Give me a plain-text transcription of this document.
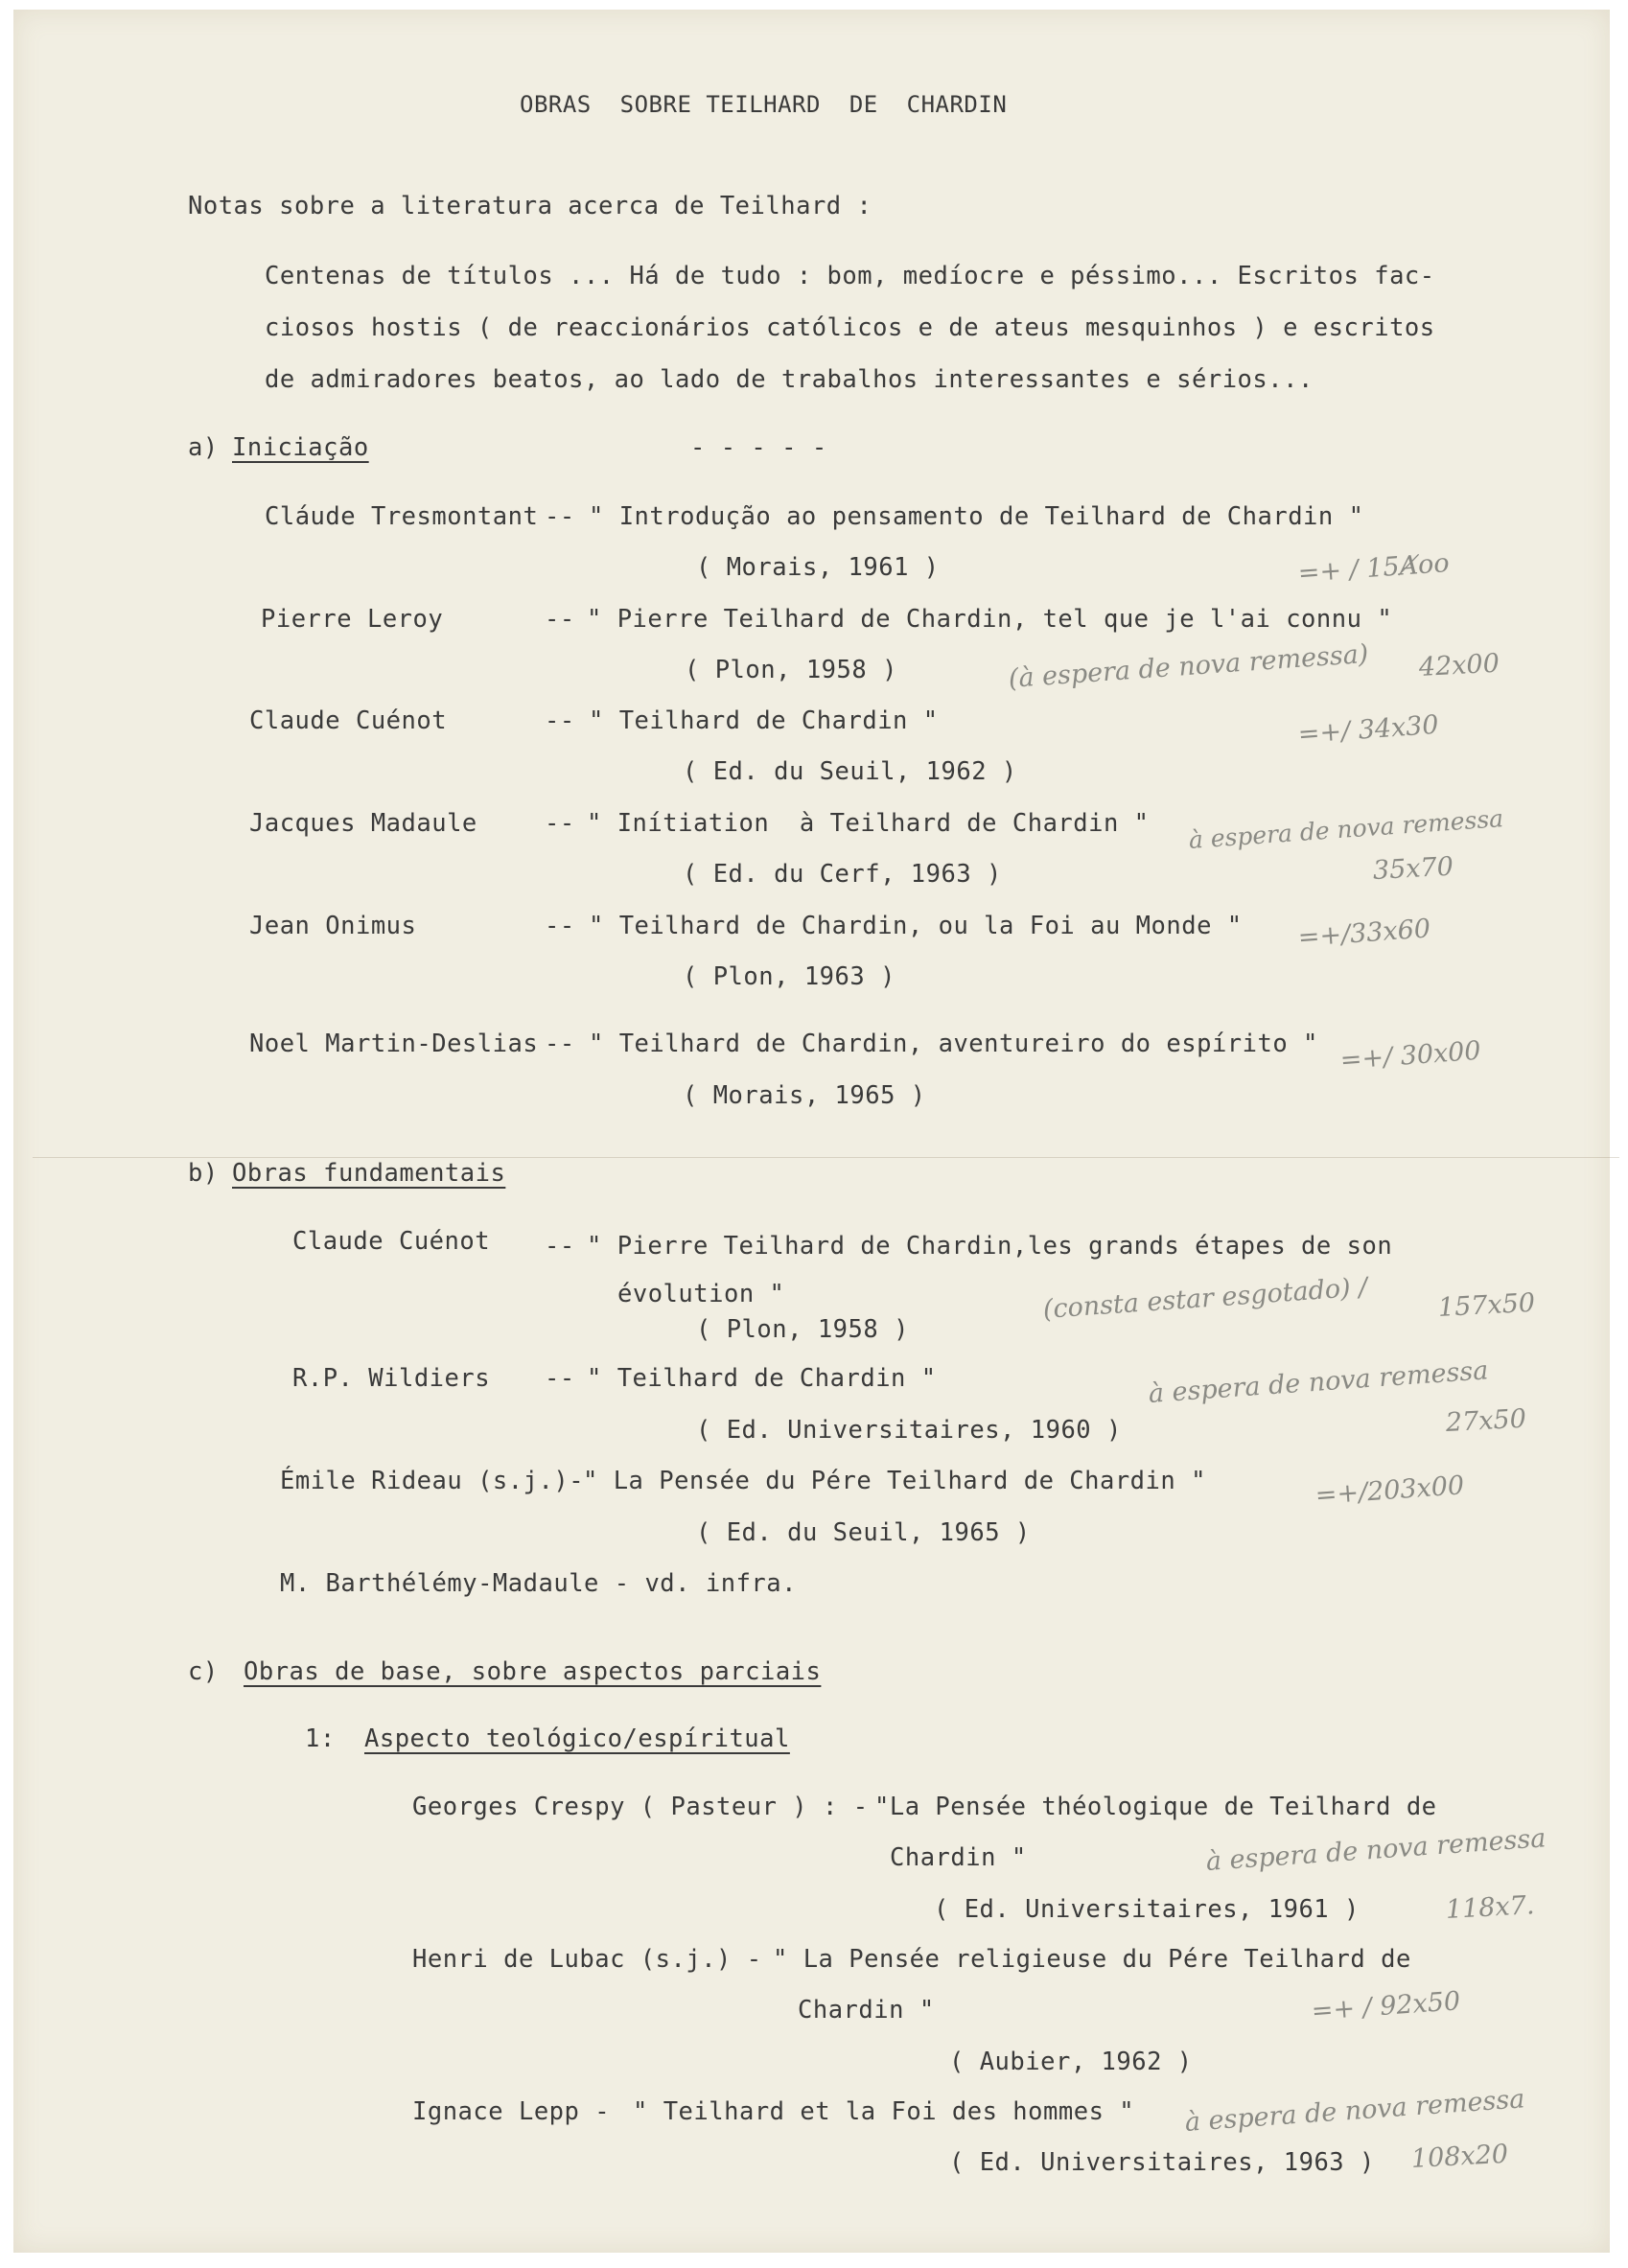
OBRAS  SOBRE TEILHARD  DE  CHARDIN
Notas sobre a literatura acerca de Teilhard :
Centenas de títulos ... Há de tudo : bom, medíocre e péssimo... Escritos fac-
ciosos hostis ( de reaccionários católicos e de ateus mesquinhos ) e escritos
de admiradores beatos, ao lado de trabalhos interessantes e sérios...
a) Iniciação	- - - - -
Cláude Tresmontant -- " Introdução ao pensamento de Teilhard de Chardin "
( Morais, 1961 )	=+ / 15Ⱥoo
Pierre Leroy	-- " Pierre Teilhard de Chardin, tel que je l'ai connu "
( Plon, 1958 )	(à espera de nova remessa) 42x00
Claude Cuénot	-- " Teilhard de Chardin "
( Ed. du Seuil, 1962 )
=+/ 34x30
Jacques Madaule	-- " Inítiation  à Teilhard de Chardin "
( Ed. du Cerf, 1963 )
à espera de nova remessa
35x70
Jean Onimus	-- " Teilhard de Chardin, ou la Foi au Monde "
( Plon, 1963 )
=+/33x60
Noel Martin-Deslias -- " Teilhard de Chardin, aventureiro do espírito "
( Morais, 1965 )
=+/ 30x00
b) Obras fundamentais
Claude Cuénot -- " Pierre Teilhard de Chardin,les grands étapes de son
évolution "
( Plon, 1958 )
(consta estar esgotado) /	157x50
R.P. Wildiers -- " Teilhard de Chardin "
( Ed. Universitaires, 1960 )
à espera de nova remessa
27x50
Émile Rideau (s.j.)-
" La Pensée du Pére Teilhard de Chardin "
( Ed. du Seuil, 1965 )
=+/203x00
M. Barthélémy-Madaule - vd. infra.
c) Obras de base, sobre aspectos parciais
1: Aspecto teológico/espíritual
Georges Crespy ( Pasteur ) : - "La Pensée théologique de Teilhard de
Chardin "
( Ed. Universitaires, 1961 )
à espera de nova remessa
118x7.
Henri de Lubac (s.j.) - " La Pensée religieuse du Pére Teilhard de
Chardin "
( Aubier, 1962 )
=+ / 92x50
Ignace Lepp - " Teilhard et la Foi des hommes "
( Ed. Universitaires, 1963 )
à espera de nova remessa
108x20
